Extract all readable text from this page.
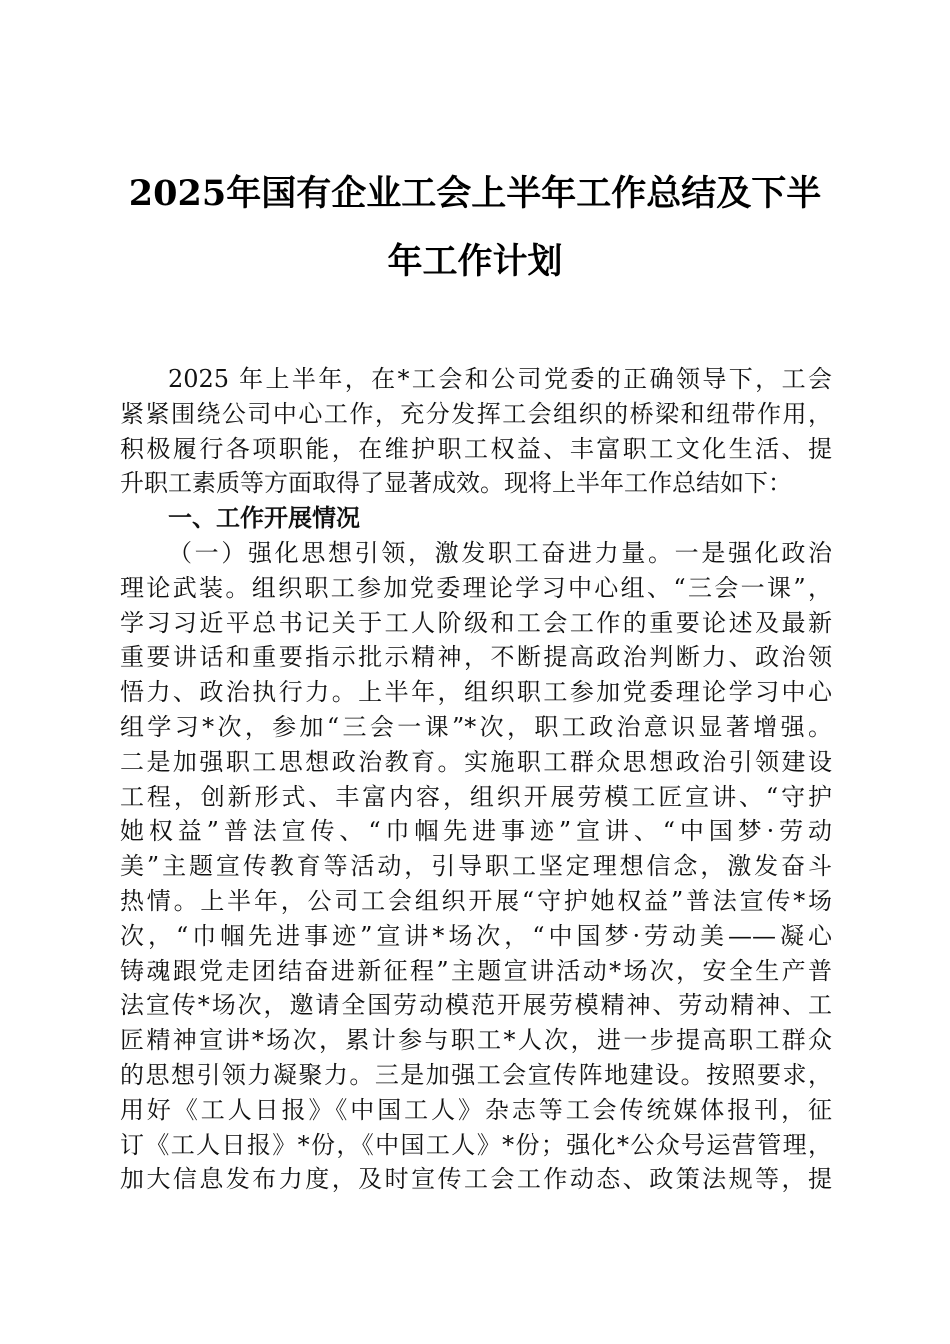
2025年国有企业工会上半年工作总结及下半
年工作计划
2025 年上半年，在*工会和公司党委的正确领导下，工会
紧紧围绕公司中心工作，充分发挥工会组织的桥梁和纽带作用，
积极履行各项职能，在维护职工权益、丰富职工文化生活、提
升职工素质等方面取得了显著成效。现将上半年工作总结如下：
一、工作开展情况
（一）强化思想引领，激发职工奋进力量。一是强化政治
理论武装。组织职工参加党委理论学习中心组、“三会一课”，
学习习近平总书记关于工人阶级和工会工作的重要论述及最新
重要讲话和重要指示批示精神，不断提高政治判断力、政治领
悟力、政治执行力。上半年，组织职工参加党委理论学习中心
组学习*次，参加“三会一课”*次，职工政治意识显著增强。
二是加强职工思想政治教育。实施职工群众思想政治引领建设
工程，创新形式、丰富内容，组织开展劳模工匠宣讲、“守护
她权益”普法宣传、“巾帼先进事迹”宣讲、“中国梦·劳动
美”主题宣传教育等活动，引导职工坚定理想信念，激发奋斗
热情。上半年，公司工会组织开展“守护她权益”普法宣传*场
次，“巾帼先进事迹”宣讲*场次，“中国梦·劳动美——凝心
铸魂跟党走团结奋进新征程”主题宣讲活动*场次，安全生产普
法宣传*场次，邀请全国劳动模范开展劳模精神、劳动精神、工
匠精神宣讲*场次，累计参与职工*人次，进一步提高职工群众
的思想引领力凝聚力。三是加强工会宣传阵地建设。按照要求，
用好《工人日报》《中国工人》杂志等工会传统媒体报刊，征
订《工人日报》*份，《中国工人》*份；强化*公众号运营管理，
加大信息发布力度，及时宣传工会工作动态、政策法规等，提
